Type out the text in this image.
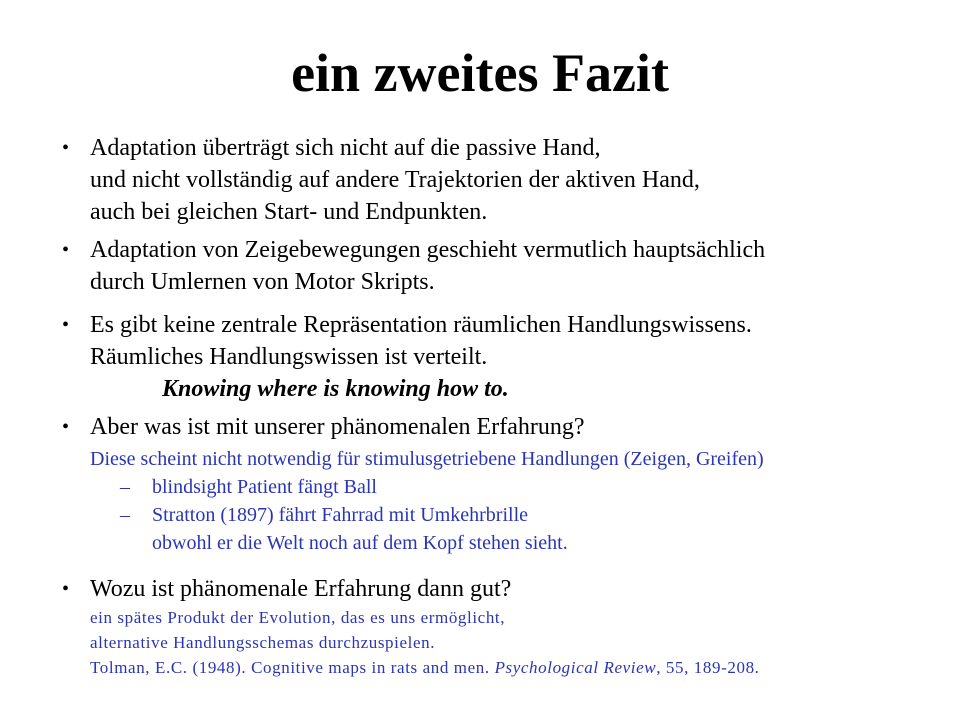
ein zweites Fazit
• Adaptation überträgt sich nicht auf die passive Hand,
und nicht vollständig auf andere Trajektorien der aktiven Hand,
auch bei gleichen Start- und Endpunkten.
• Adaptation von Zeigebewegungen geschieht vermutlich hauptsächlich
durch Umlernen von Motor Skripts.
• Es gibt keine zentrale Repräsentation räumlichen Handlungswissens.
Räumliches Handlungswissen ist verteilt.
Knowing where is knowing how to.
• Aber was ist mit unserer phänomenalen Erfahrung?
Diese scheint nicht notwendig für stimulusgetriebene Handlungen (Zeigen, Greifen)
– blindsight Patient fängt Ball
– Stratton (1897) fährt Fahrrad mit Umkehrbrille
obwohl er die Welt noch auf dem Kopf stehen sieht.
• Wozu ist phänomenale Erfahrung dann gut?
ein spätes Produkt der Evolution, das es uns ermöglicht,
alternative Handlungsschemas durchzuspielen.
Tolman, E.C. (1948). Cognitive maps in rats and men. Psychological Review, 55, 189-208.
